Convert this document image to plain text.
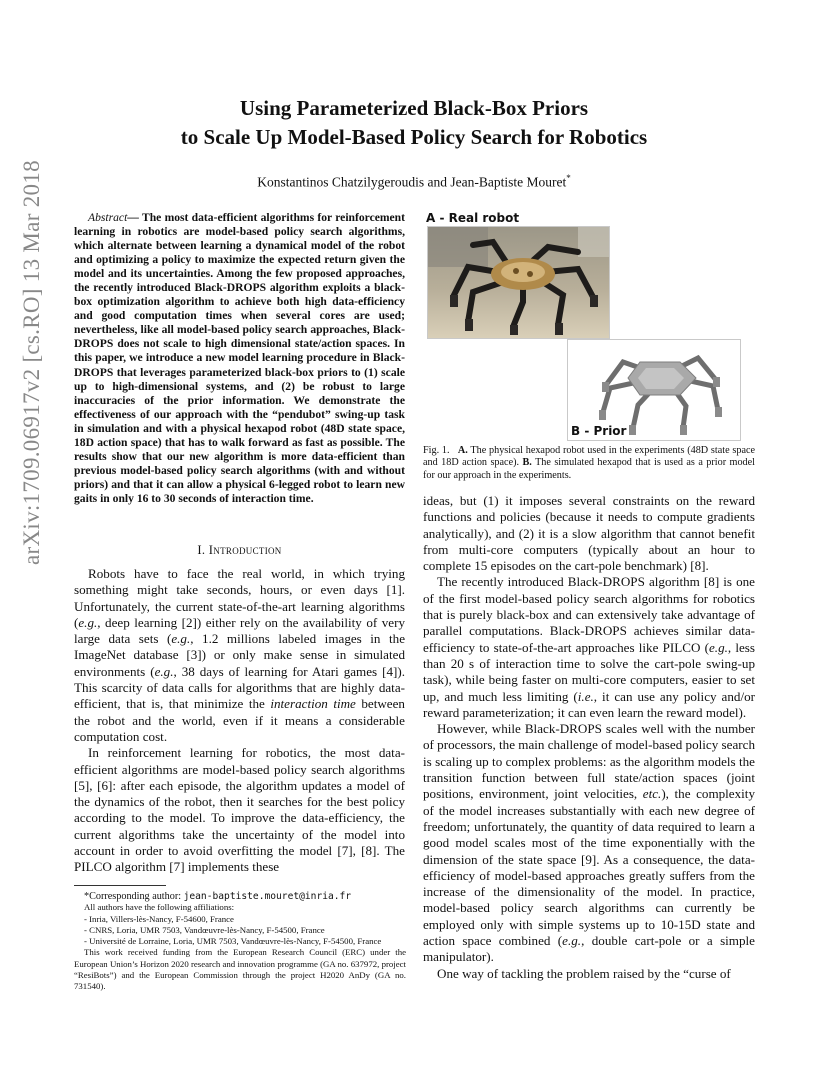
arXiv:1709.06917v2 [cs.RO] 13 Mar 2018
Using Parameterized Black-Box Priors
to Scale Up Model-Based Policy Search for Robotics
Konstantinos Chatzilygeroudis and Jean-Baptiste Mouret*
Abstract— The most data-efficient algorithms for reinforcement learning in robotics are model-based policy search algorithms, which alternate between learning a dynamical model of the robot and optimizing a policy to maximize the expected return given the model and its uncertainties. Among the few proposed approaches, the recently introduced Black-DROPS algorithm exploits a black-box optimization algorithm to achieve both high data-efficiency and good computation times when several cores are used; nevertheless, like all model-based policy search approaches, Black-DROPS does not scale to high dimensional state/action spaces. In this paper, we introduce a new model learning procedure in Black-DROPS that leverages parameterized black-box priors to (1) scale up to high-dimensional systems, and (2) be robust to large inaccuracies of the prior information. We demonstrate the effectiveness of our approach with the “pendubot” swing-up task in simulation and with a physical hexapod robot (48D state space, 18D action space) that has to walk forward as fast as possible. The results show that our new algorithm is more data-efficient than previous model-based policy search algorithms (with and without priors) and that it can allow a physical 6-legged robot to learn new gaits in only 16 to 30 seconds of interaction time.
I. Introduction

Robots have to face the real world, in which trying something might take seconds, hours, or even days [1]. Unfortunately, the current state-of-the-art learning algorithms (e.g., deep learning [2]) either rely on the availability of very large data sets (e.g., 1.2 millions labeled images in the ImageNet database [3]) or only make sense in simulated environments (e.g., 38 days of learning for Atari games [4]). This scarcity of data calls for algorithms that are highly data-efficient, that is, that minimize the interaction time between the robot and the world, even if it means a considerable computation cost.

In reinforcement learning for robotics, the most data-efficient algorithms are model-based policy search algorithms [5], [6]: after each episode, the algorithm updates a model of the dynamics of the robot, then it searches for the best policy according to the model. To improve the data-efficiency, the current algorithms take the uncertainty of the model into account in order to avoid overfitting the model [7], [8]. The PILCO algorithm [7] implements these

*Corresponding author: jean-baptiste.mouret@inria.fr
All authors have the following affiliations:
- Inria, Villers-lès-Nancy, F-54600, France
- CNRS, Loria, UMR 7503, Vandœuvre-lès-Nancy, F-54500, France
- Université de Lorraine, Loria, UMR 7503, Vandœuvre-lès-Nancy, F-54500, France
This work received funding from the European Research Council (ERC) under the European Union’s Horizon 2020 research and innovation programme (GA no. 637972, project “ResiBots”) and the European Commission through the project H2020 AnDy (GA no. 731540).
A - Real robot
B - Prior
Fig. 1. A. The physical hexapod robot used in the experiments (48D state space and 18D action space). B. The simulated hexapod that is used as a prior model for our approach in the experiments.

ideas, but (1) it imposes several constraints on the reward functions and policies (because it needs to compute gradients analytically), and (2) it is a slow algorithm that cannot benefit from multi-core computers (typically about an hour to complete 15 episodes on the cart-pole benchmark) [8].

The recently introduced Black-DROPS algorithm [8] is one of the first model-based policy search algorithms for robotics that is purely black-box and can extensively take advantage of parallel computations. Black-DROPS achieves similar data-efficiency to state-of-the-art approaches like PILCO (e.g., less than 20 s of interaction time to solve the cart-pole swing-up task), while being faster on multi-core computers, easier to set up, and much less limiting (i.e., it can use any policy and/or reward parameterization; it can even learn the reward model).

However, while Black-DROPS scales well with the number of processors, the main challenge of model-based policy search is scaling up to complex problems: as the algorithm models the transition function between full state/action spaces (joint positions, environment, joint velocities, etc.), the complexity of the model increases substantially with each new degree of freedom; unfortunately, the quantity of data required to learn a good model scales most of the time exponentially with the dimension of the state space [9]. As a consequence, the data-efficiency of model-based approaches greatly suffers from the increase of the dimensionality of the model. In practice, model-based policy search algorithms can currently be employed only with simple systems up to 10-15D state and action space combined (e.g., double cart-pole or a simple manipulator).

One way of tackling the problem raised by the “curse of
